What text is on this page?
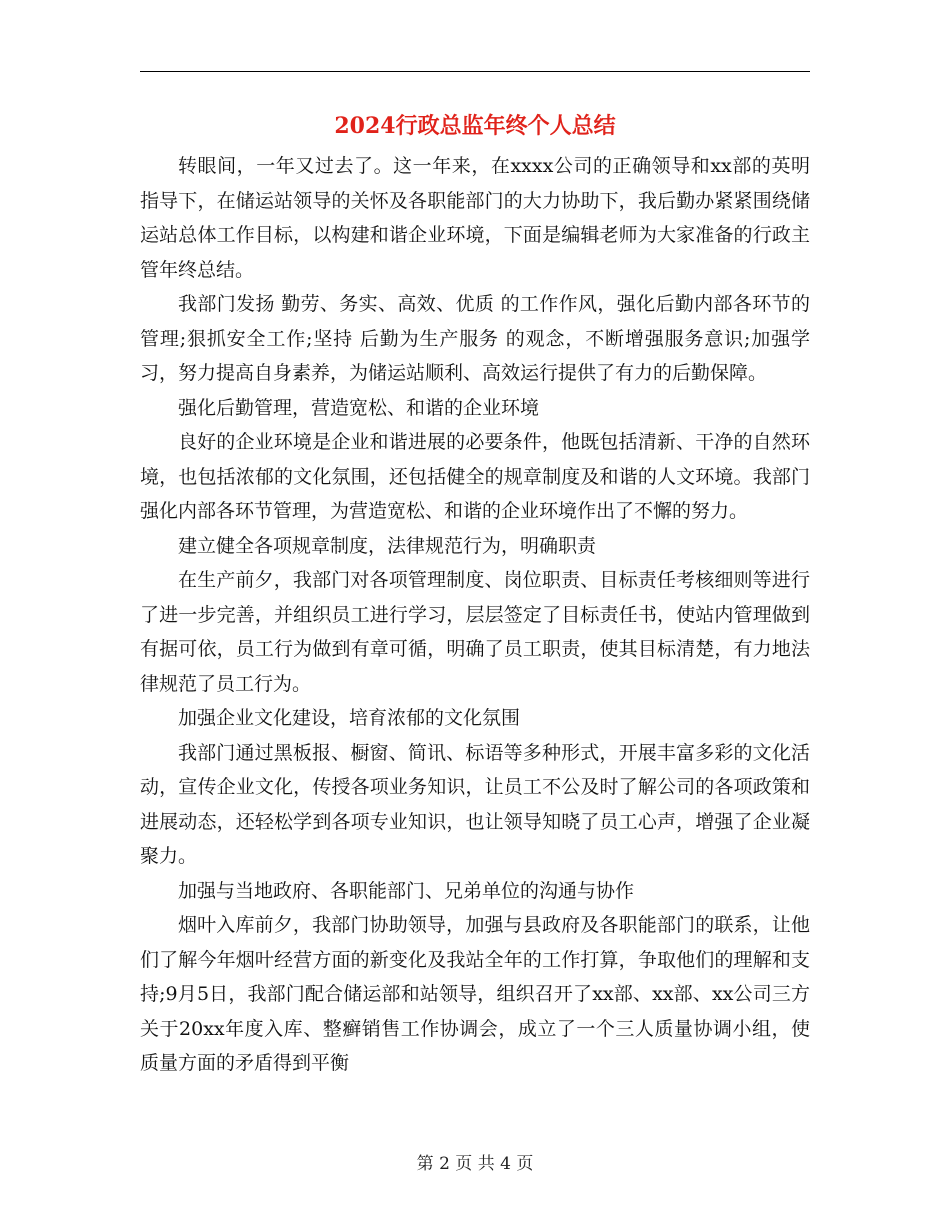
2024行政总监年终个人总结

转眼间，一年又过去了。这一年来，在xxxx公司的正确领导和xx部的英明指导下，在储运站领导的关怀及各职能部门的大力协助下，我后勤办紧紧围绕储运站总体工作目标，以构建和谐企业环境，下面是编辑老师为大家准备的行政主管年终总结。

我部门发扬 勤劳、务实、高效、优质 的工作作风，强化后勤内部各环节的管理;狠抓安全工作;坚持 后勤为生产服务 的观念，不断增强服务意识;加强学习，努力提高自身素养，为储运站顺利、高效运行提供了有力的后勤保障。

强化后勤管理，营造宽松、和谐的企业环境

良好的企业环境是企业和谐进展的必要条件，他既包括清新、干净的自然环境，也包括浓郁的文化氛围，还包括健全的规章制度及和谐的人文环境。我部门强化内部各环节管理，为营造宽松、和谐的企业环境作出了不懈的努力。

建立健全各项规章制度，法律规范行为，明确职责

在生产前夕，我部门对各项管理制度、岗位职责、目标责任考核细则等进行了进一步完善，并组织员工进行学习，层层签定了目标责任书，使站内管理做到有据可依，员工行为做到有章可循，明确了员工职责，使其目标清楚，有力地法律规范了员工行为。

加强企业文化建设，培育浓郁的文化氛围

我部门通过黑板报、橱窗、简讯、标语等多种形式，开展丰富多彩的文化活动，宣传企业文化，传授各项业务知识，让员工不公及时了解公司的各项政策和进展动态，还轻松学到各项专业知识，也让领导知晓了员工心声，增强了企业凝聚力。

加强与当地政府、各职能部门、兄弟单位的沟通与协作

烟叶入库前夕，我部门协助领导，加强与县政府及各职能部门的联系，让他们了解今年烟叶经营方面的新变化及我站全年的工作打算，争取他们的理解和支持;9月5日，我部门配合储运部和站领导，组织召开了xx部、xx部、xx公司三方关于20xx年度入库、整癣销售工作协调会，成立了一个三人质量协调小组，使质量方面的矛盾得到平衡

第 2 页 共 4 页
